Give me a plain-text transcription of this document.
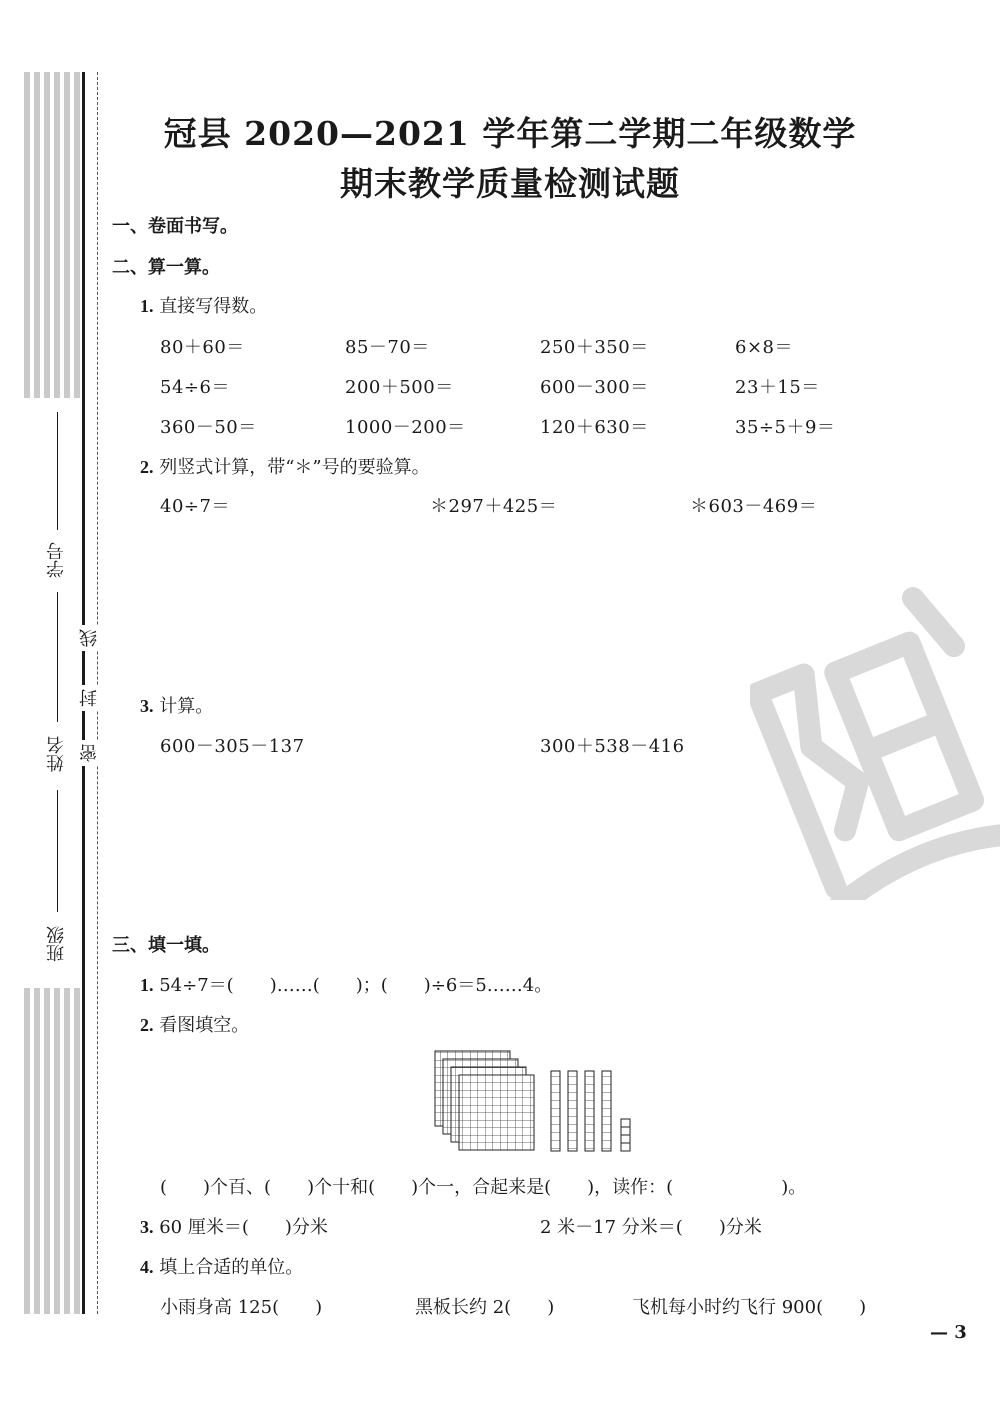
学号
姓名
班级
线
封
密
冠县 2020—2021 学年第二学期二年级数学
期末教学质量检测试题
一、卷面书写。
二、算一算。
1. 直接写得数。
80＋60＝	85－70＝	250＋350＝	6×8＝
54÷6＝	200＋500＝	600－300＝	23＋15＝
360－50＝	1000－200＝	120＋630＝	35÷5＋9＝
2. 列竖式计算，带“＊”号的要验算。
40÷7＝	＊297＋425＝	＊603－469＝
3. 计算。
600－305－137	300＋538－416
三、填一填。
1. 54÷7＝(　　)……(　　)；(　　)÷6＝5……4。
2. 看图填空。
(　　)个百、(　　)个十和(　　)个一，合起来是(　　)，读作：(　　　　　　)。
3. 60 厘米＝(　　)分米	2 米－17 分米＝(　　)分米
4. 填上合适的单位。
小雨身高 125(　　)	黑板长约 2(　　)	飞机每小时约飞行 900(　　)
— 3
